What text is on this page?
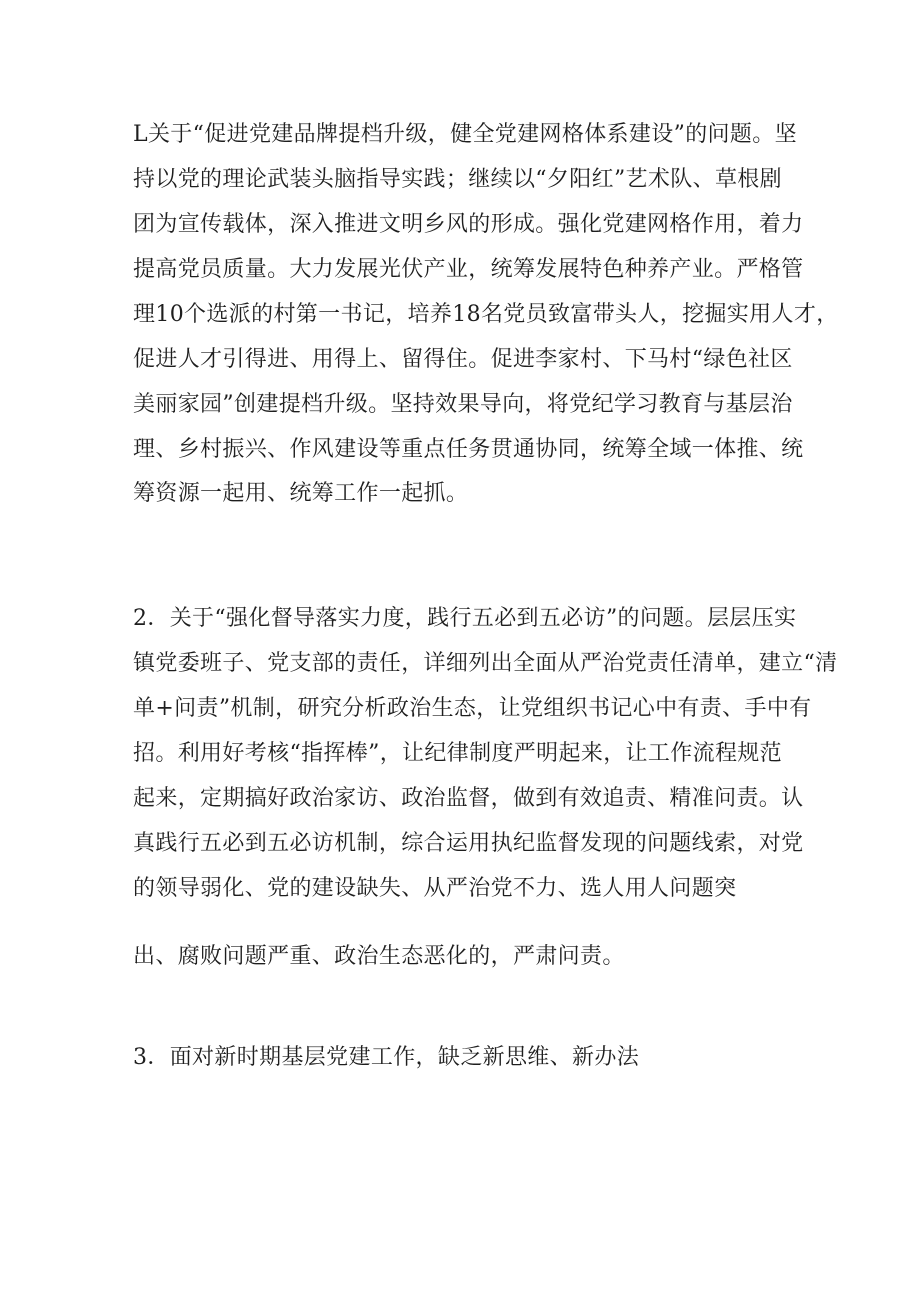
L关于“促进党建品牌提档升级，健全党建网格体系建设”的问题。坚

持以党的理论武装头脑指导实践；继续以“夕阳红”艺术队、草根剧

团为宣传载体，深入推进文明乡风的形成。强化党建网格作用，着力

提高党员质量。大力发展光伏产业，统筹发展特色种养产业。严格管

理10个选派的村第一书记，培养18名党员致富带头人，挖掘实用人才，

促进人才引得进、用得上、留得住。促进李家村、下马村“绿色社区

美丽家园”创建提档升级。坚持效果导向，将党纪学习教育与基层治

理、乡村振兴、作风建设等重点任务贯通协同，统筹全域一体推、统

筹资源一起用、统筹工作一起抓。

2．关于“强化督导落实力度，践行五必到五必访”的问题。层层压实

镇党委班子、党支部的责任，详细列出全面从严治党责任清单，建立“清

单+问责”机制，研究分析政治生态，让党组织书记心中有责、手中有

招。利用好考核“指挥棒”，让纪律制度严明起来，让工作流程规范

起来，定期搞好政治家访、政治监督，做到有效追责、精准问责。认

真践行五必到五必访机制，综合运用执纪监督发现的问题线索，对党

的领导弱化、党的建设缺失、从严治党不力、选人用人问题突

出、腐败问题严重、政治生态恶化的，严肃问责。

3．面对新时期基层党建工作，缺乏新思维、新办法
